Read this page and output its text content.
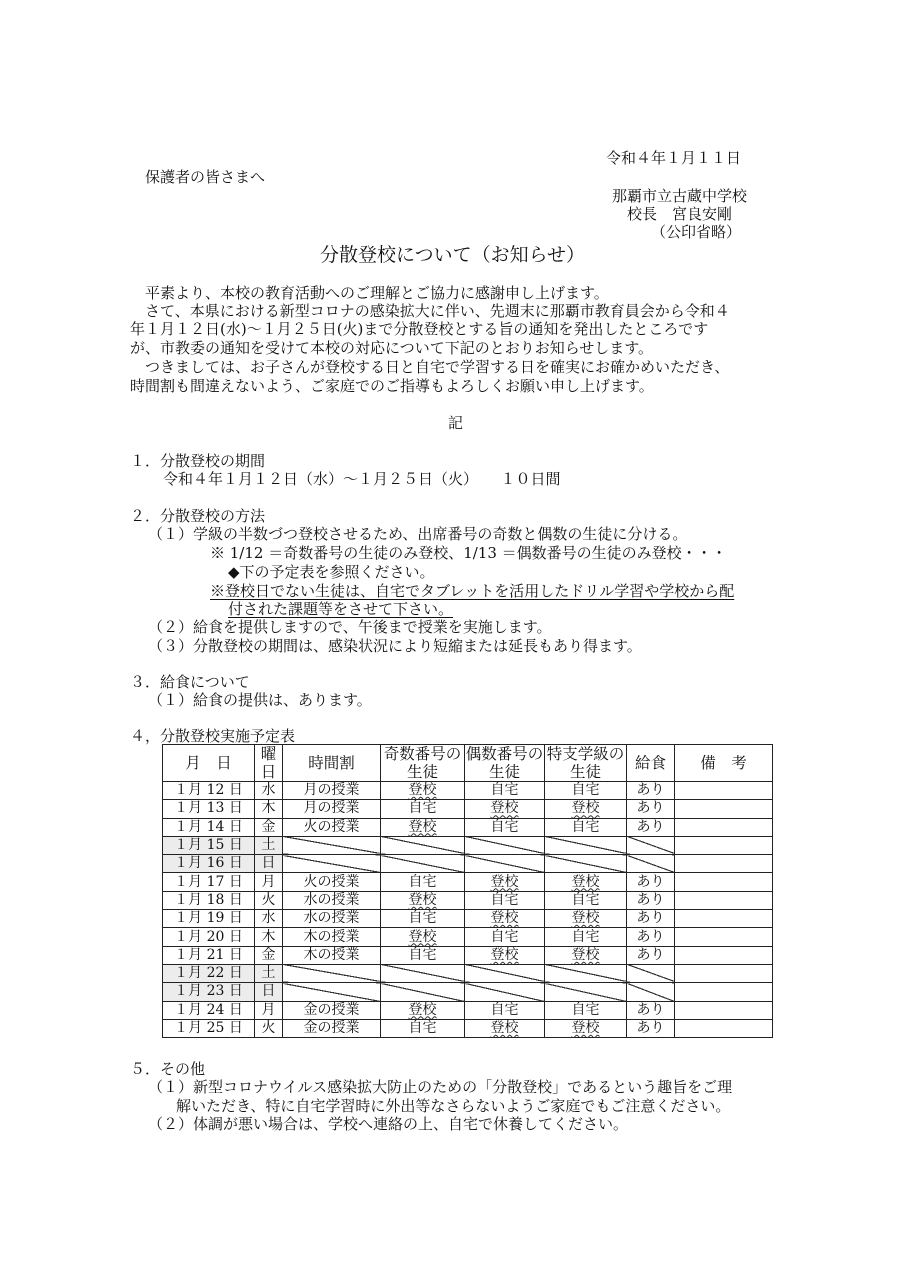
令和４年１月１１日
保護者の皆さまへ
那覇市立古蔵中学校
校長　宮良安剛
（公印省略）
分散登校について（お知らせ）
　平素より、本校の教育活動へのご理解とご協力に感謝申し上げます。
　さて、本県における新型コロナの感染拡大に伴い、先週末に那覇市教育員会から令和４
年１月１２日(水)～１月２５日(火)まで分散登校とする旨の通知を発出したところです
が、市教委の通知を受けて本校の対応について下記のとおりお知らせします。
　つきましては、お子さんが登校する日と自宅で学習する日を確実にお確かめいただき、
時間割も間違えないよう、ご家庭でのご指導もよろしくお願い申し上げます。
記
１．分散登校の期間
令和４年１月１２日（水）～１月２５日（火）　　１０日間
２．分散登校の方法
（１）学級の半数づつ登校させるため、出席番号の奇数と偶数の生徒に分ける。
※ 1/12 ＝奇数番号の生徒のみ登校、1/13 ＝偶数番号の生徒のみ登校・・・
◆下の予定表を参照ください。
※登校日でない生徒は、自宅でタブレットを活用したドリル学習や学校から配
付された課題等をさせて下さい。
（２）給食を提供しますので、午後まで授業を実施します。
（３）分散登校の期間は、感染状況により短縮または延長もあり得ます。
３．給食について
（１）給食の提供は、あります。
４，分散登校実施予定表
月　日	曜日	時間割	奇数番号の生徒	偶数番号の生徒	特支学級の生徒	給食	備　考
１月 12 日	水	月の授業	登校	自宅	自宅	あり	
１月 13 日	木	月の授業	自宅	登校	登校	あり	
１月 14 日	金	火の授業	登校	自宅	自宅	あり	
１月 15 日	土						
１月 16 日	日						
１月 17 日	月	火の授業	自宅	登校	登校	あり	
１月 18 日	火	水の授業	登校	自宅	自宅	あり	
１月 19 日	水	水の授業	自宅	登校	登校	あり	
１月 20 日	木	木の授業	登校	自宅	自宅	あり	
１月 21 日	金	木の授業	自宅	登校	登校	あり	
１月 22 日	土						
１月 23 日	日						
１月 24 日	月	金の授業	登校	自宅	自宅	あり	
１月 25 日	火	金の授業	自宅	登校	登校	あり	
５．その他
（１）新型コロナウイルス感染拡大防止のための「分散登校」であるという趣旨をご理
解いただき、特に自宅学習時に外出等なさらないようご家庭でもご注意ください。
（２）体調が悪い場合は、学校へ連絡の上、自宅で休養してください。
